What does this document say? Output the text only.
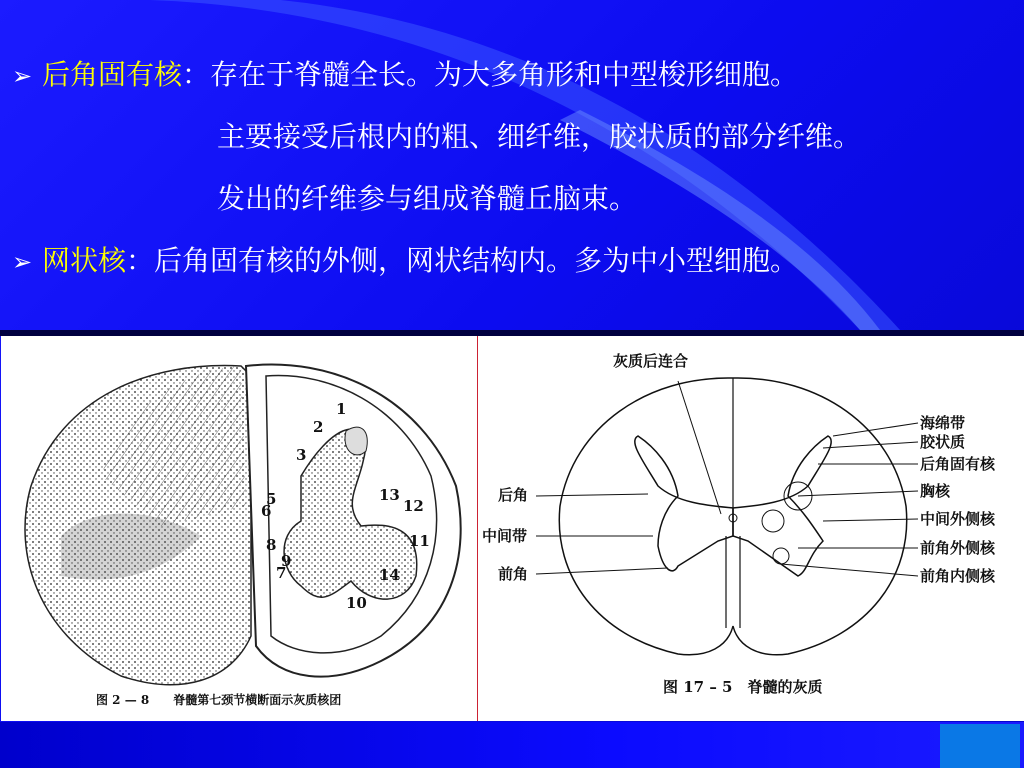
➢ 后角固有核：存在于脊髓全长。为大多角形和中型梭形细胞。
主要接受后根内的粗、细纤维，胶状质的部分纤维。
发出的纤维参与组成脊髓丘脑束。
➢ 网状核：后角固有核的外侧，网状结构内。多为中小型细胞。
1
2
3
5
6
11
12
13
14
10
7
8
9
图 2 — 8　　脊髓第七颈节横断面示灰质核团
灰质后连合
后角
中间带
前角
海绵带
胶状质
后角固有核
胸核
中间外侧核
前角外侧核
前角内侧核
图 17 – 5　脊髓的灰质
